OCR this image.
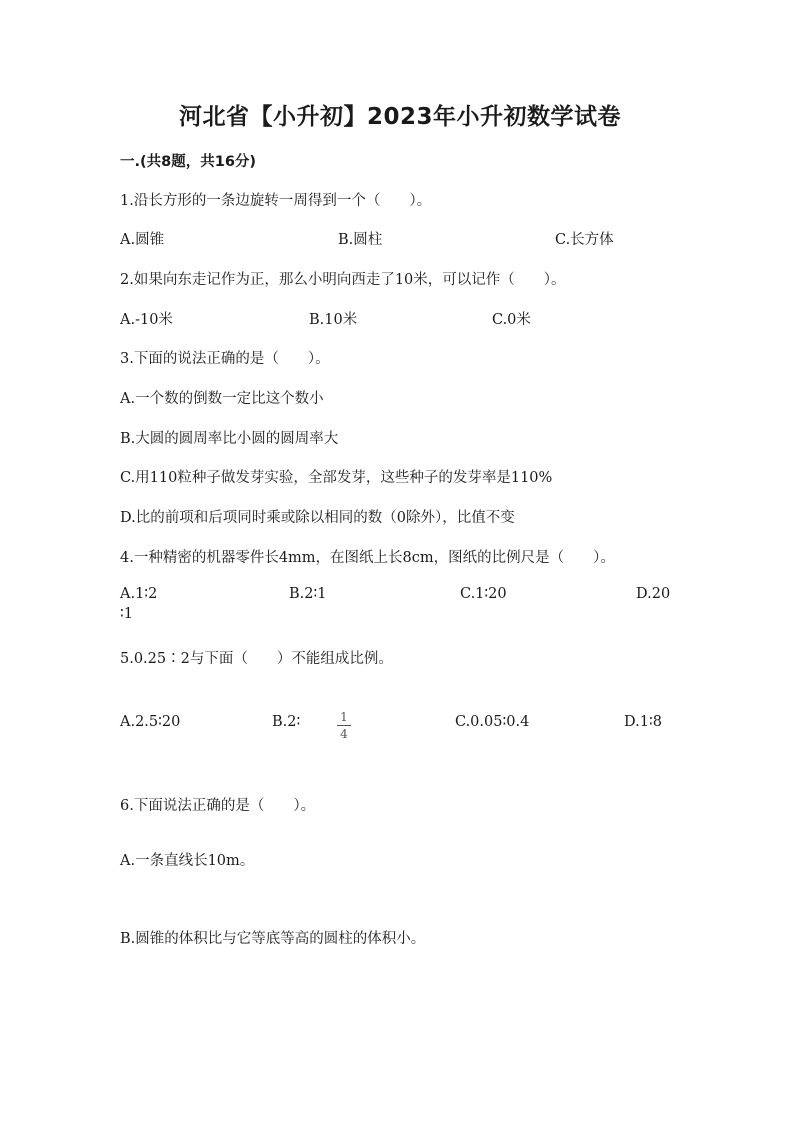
河北省【小升初】2023年小升初数学试卷
一.(共8题，共16分)
1.沿长方形的一条边旋转一周得到一个（　　）。
A.圆锥	B.圆柱	C.长方体
2.如果向东走记作为正，那么小明向西走了10米，可以记作（　　）。
A.-10米	B.10米	C.0米
3.下面的说法正确的是（　　）。
A.一个数的倒数一定比这个数小
B.大圆的圆周率比小圆的圆周率大
C.用110粒种子做发芽实验，全部发芽，这些种子的发芽率是110%
D.比的前项和后项同时乘或除以相同的数（0除外），比值不变
4.一种精密的机器零件长4mm，在图纸上长8cm，图纸的比例尺是（　　）。
A.1∶2	B.2∶1	C.1∶20	D.20
∶1
5.0.25∶2与下面（　　）不能组成比例。
A.2.5∶20	B.2∶	1
4
C.0.05∶0.4	D.1∶8
6.下面说法正确的是（　　）。
A.一条直线长10m。
B.圆锥的体积比与它等底等高的圆柱的体积小。
